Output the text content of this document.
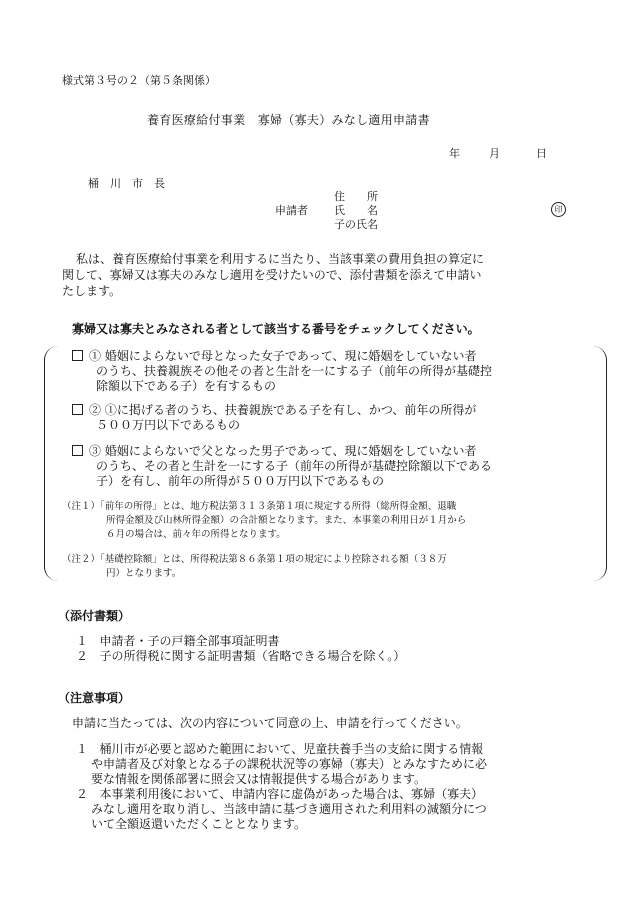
様式第３号の２（第５条関係）
養育医療給付事業　寡婦（寡夫）みなし適用申請書
年	月	日
桶　川　市　長
申請者
住　　所
氏　　名
子の氏名
印
私は、養育医療給付事業を利用するに当たり、当該事業の費用負担の算定に
関して、寡婦又は寡夫のみなし適用を受けたいので、添付書類を添えて申請い
たします。
寡婦又は寡夫とみなされる者として該当する番号をチェックしてください。
① 婚姻によらないで母となった女子であって、現に婚姻をしていない者
のうち、扶養親族その他その者と生計を一にする子（前年の所得が基礎控
除額以下である子）を有するもの
② ①に掲げる者のうち、扶養親族である子を有し、かつ、前年の所得が
５００万円以下であるもの
③ 婚姻によらないで父となった男子であって、現に婚姻をしていない者
のうち、その者と生計を一にする子（前年の所得が基礎控除額以下である
子）を有し、前年の所得が５００万円以下であるもの
（注１）「前年の所得」とは、地方税法第３１３条第１項に規定する所得（総所得金額、退職
所得金額及び山林所得金額）の合計額となります。また、本事業の利用日が１月から
６月の場合は、前々年の所得となります。
（注２）「基礎控除額」とは、所得税法第８６条第１項の規定により控除される額（３８万
円）となります。
（添付書類）
１ 申請者・子の戸籍全部事項証明書
２ 子の所得税に関する証明書類（省略できる場合を除く。）
（注意事項）
申請に当たっては、次の内容について同意の上、申請を行ってください。
１ 桶川市が必要と認めた範囲において、児童扶養手当の支給に関する情報
や申請者及び対象となる子の課税状況等の寡婦（寡夫）とみなすために必
要な情報を関係部署に照会又は情報提供する場合があります。
２ 本事業利用後において、申請内容に虚偽があった場合は、寡婦（寡夫）
みなし適用を取り消し、当該申請に基づき適用された利用料の減額分につ
いて全額返還いただくこととなります。
